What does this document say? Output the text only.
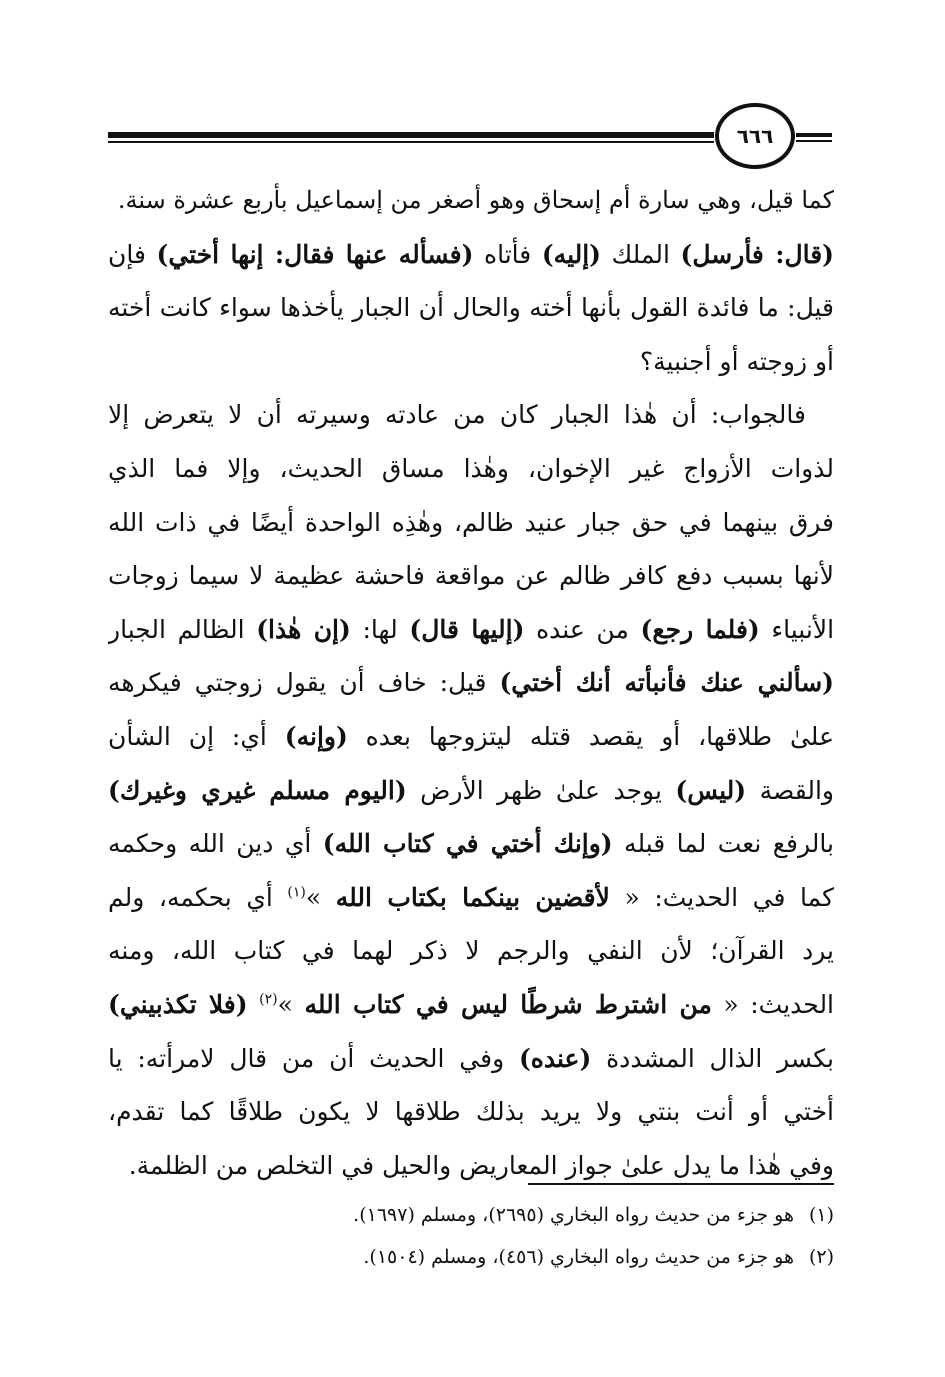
٦٦٦
كما قيل، وهي سارة أم إسحاق وهو أصغر من إسماعيل بأربع عشرة سنة.
(قال: فأرسل) الملك (إليه) فأتاه (فسأله عنها فقال: إنها أختي) فإن
قيل: ما فائدة القول بأنها أخته والحال أن الجبار يأخذها سواء كانت أخته
أو زوجته أو أجنبية؟
فالجواب: أن هٰذا الجبار كان من عادته وسيرته أن لا يتعرض إلا
لذوات الأزواج غير الإخوان، وهٰذا مساق الحديث، وإلا فما الذي
فرق بينهما في حق جبار عنيد ظالم، وهٰذِه الواحدة أيضًا في ذات الله
لأنها بسبب دفع كافر ظالم عن مواقعة فاحشة عظيمة لا سيما زوجات
الأنبياء (فلما رجع) من عنده (إليها قال) لها: (إن هٰذا) الظالم الجبار
(سألني عنك فأنبأته أنك أختي) قيل: خاف أن يقول زوجتي فيكرهه
علىٰ طلاقها، أو يقصد قتله ليتزوجها بعده (وإنه) أي: إن الشأن
والقصة (ليس) يوجد علىٰ ظهر الأرض (اليوم مسلم غيري وغيرك)
بالرفع نعت لما قبله (وإنك أختي في كتاب الله) أي دين الله وحكمه
كما في الحديث: « لأقضين بينكما بكتاب الله »$^{(١)}$ أي بحكمه، ولم
يرد القرآن؛ لأن النفي والرجم لا ذكر لهما في كتاب الله، ومنه
الحديث: « من اشترط شرطًا ليس في كتاب الله »$^{(٢)}$ (فلا تكذبيني)
بكسر الذال المشددة (عنده) وفي الحديث أن من قال لامرأته: يا
أختي أو أنت بنتي ولا يريد بذلك طلاقها لا يكون طلاقًا كما تقدم،
وفي هٰذا ما يدل علىٰ جواز المعاريض والحيل في التخلص من الظلمة.
(١)هو جزء من حديث رواه البخاري (٢٦٩٥)، ومسلم (١٦٩٧).
(٢)هو جزء من حديث رواه البخاري (٤٥٦)، ومسلم (١٥٠٤).
